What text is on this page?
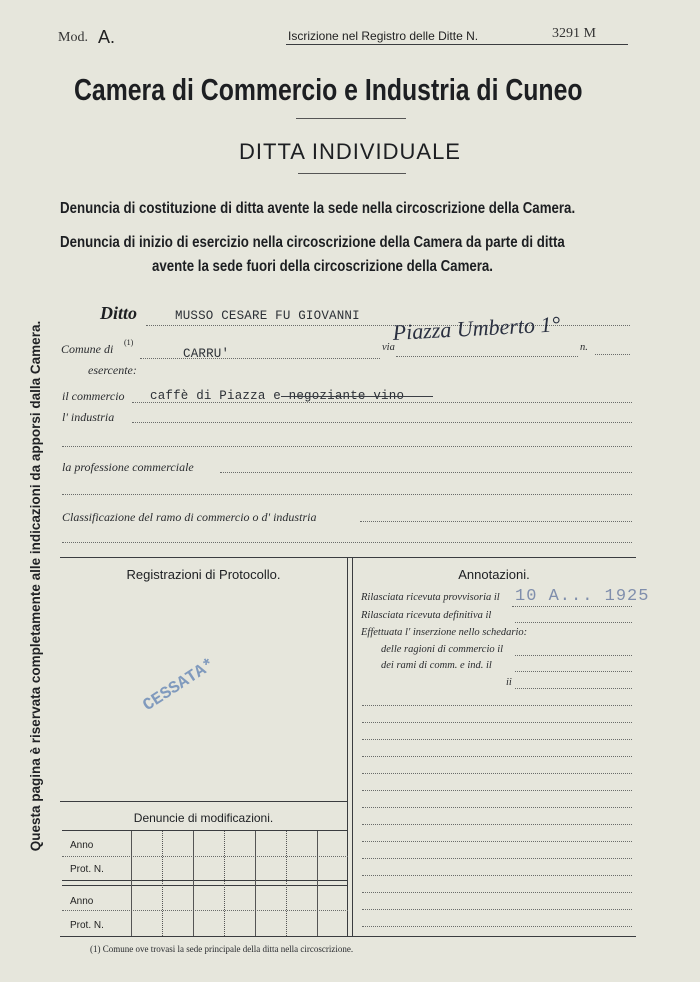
Mod. A.	Iscrizione nel Registro delle Ditte N.	3291 M
Camera di Commercio e Industria di Cuneo
DITTA INDIVIDUALE
Denuncia di costituzione di ditta avente la sede nella circoscrizione della Camera.
Denuncia di inizio di esercizio nella circoscrizione della Camera da parte di ditta
avente la sede fuori della circoscrizione della Camera.
Questa pagina è riservata completamente alle indicazioni da apporsi dalla Camera.
Ditto	MUSSO CESARE FU GIOVANNI
Comune di (1)
CARRU'	via
Piazza Umberto 1°
n.
esercente:
il commercio caffè di Piazza e negoziante vino
l' industria
la professione commerciale
Classificazione del ramo di commercio o d' industria
Registrazioni di Protocollo.
CESSATA*
Denuncie di modificazioni.
Anno
Prot. N.
Anno
Prot. N.
Annotazioni.
Rilasciata ricevuta provvisoria il 10 A... 1925
Rilasciata ricevuta definitiva il
Effettuata l' inserzione nello schedario:
delle ragioni di commercio il
dei rami di comm. e ind. il
ii
(1) Comune ove trovasi la sede principale della ditta nella circoscrizione.
